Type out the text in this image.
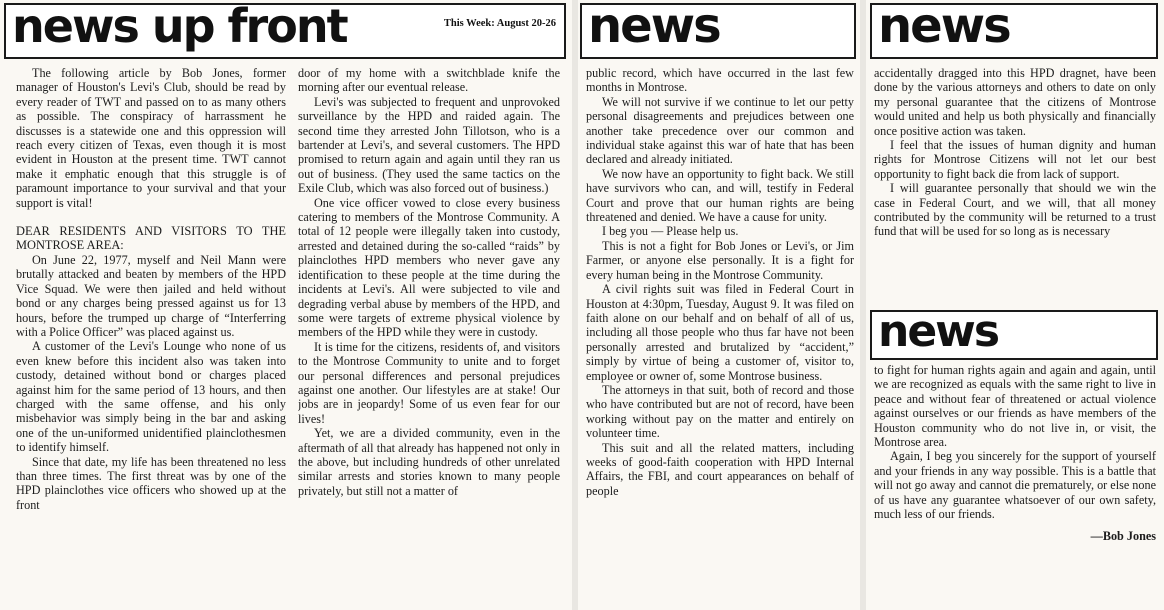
news up front	This Week: August 20-26

The following article by Bob Jones, former manager of Houston's Levi's Club, should be read by every reader of TWT and passed on to as many others as possible. The conspiracy of harrassment he discusses is a statewide one and this oppression will reach every citizen of Texas, even though it is most evident in Houston at the present time. TWT cannot make it emphatic enough that this struggle is of paramount importance to your survival and that your support is vital!

DEAR RESIDENTS AND VISITORS TO THE MONTROSE AREA:

On June 22, 1977, myself and Neil Mann were brutally attacked and beaten by members of the HPD Vice Squad. We were then jailed and held without bond or any charges being pressed against us for 13 hours, before the trumped up charge of “Interferring with a Police Officer” was placed against us.

A customer of the Levi's Lounge who none of us even knew before this incident also was taken into custody, detained without bond or charges placed against him for the same period of 13 hours, and then charged with the same offense, and his only misbehavior was simply being in the bar and asking one of the un-uniformed unidentified plainclothesmen to identify himself.

Since that date, my life has been threatened no less than three times. The first threat was by one of the HPD plainclothes vice officers who showed up at the front

door of my home with a switchblade knife the morning after our eventual release.

Levi's was subjected to frequent and unprovoked surveillance by the HPD and raided again. The second time they arrested John Tillotson, who is a bartender at Levi's, and several customers. The HPD promised to return again and again until they ran us out of business. (They used the same tactics on the Exile Club, which was also forced out of business.)

One vice officer vowed to close every business catering to members of the Montrose Community. A total of 12 people were illegally taken into custody, arrested and detained during the so-called “raids” by plainclothes HPD members who never gave any identification to these people at the time during the incidents at Levi's. All were subjected to vile and degrading verbal abuse by members of the HPD, and some were targets of extreme physical violence by members of the HPD while they were in custody.

It is time for the citizens, residents of, and visitors to the Montrose Community to unite and to forget our personal differences and personal prejudices against one another. Our lifestyles are at stake! Our jobs are in jeopardy! Some of us even fear for our lives!

Yet, we are a divided community, even in the aftermath of all that already has happened not only in the above, but including hundreds of other unrelated similar arrests and stories known to many people privately, but still not a matter of

news

public record, which have occurred in the last few months in Montrose.

We will not survive if we continue to let our petty personal disagreements and prejudices between one another take precedence over our common and individual stake against this war of hate that has been declared and already initiated.

We now have an opportunity to fight back. We still have survivors who can, and will, testify in Federal Court and prove that our human rights are being threatened and denied. We have a cause for unity.

I beg you — Please help us.

This is not a fight for Bob Jones or Levi's, or Jim Farmer, or anyone else personally. It is a fight for every human being in the Montrose Community.

A civil rights suit was filed in Federal Court in Houston at 4:30pm, Tuesday, August 9. It was filed on faith alone on our behalf and on behalf of all of us, including all those people who thus far have not been personally arrested and brutalized by “accident,” simply by virtue of being a customer of, visitor to, employee or owner of, some Montrose business.

The attorneys in that suit, both of record and those who have contributed but are not of record, have been working without pay on the matter and entirely on volunteer time.

This suit and all the related matters, including weeks of good-faith cooperation with HPD Internal Affairs, the FBI, and court appearances on behalf of people

news

accidentally dragged into this HPD dragnet, have been done by the various attorneys and others to date on only my personal guarantee that the citizens of Montrose would united and help us both physically and financially once positive action was taken.

I feel that the issues of human dignity and human rights for Montrose Citizens will not let our best opportunity to fight back die from lack of support.

I will guarantee personally that should we win the case in Federal Court, and we will, that all money contributed by the community will be returned to a trust fund that will be used for so long as is necessary

news

to fight for human rights again and again and again, until we are recognized as equals with the same right to live in peace and without fear of threatened or actual violence against ourselves or our friends as have members of the Houston community who do not live in, or visit, the Montrose area.

Again, I beg you sincerely for the support of yourself and your friends in any way possible. This is a battle that will not go away and cannot die prematurely, or else none of us have any guarantee whatsoever of our own safety, much less of our friends.

—Bob Jones
